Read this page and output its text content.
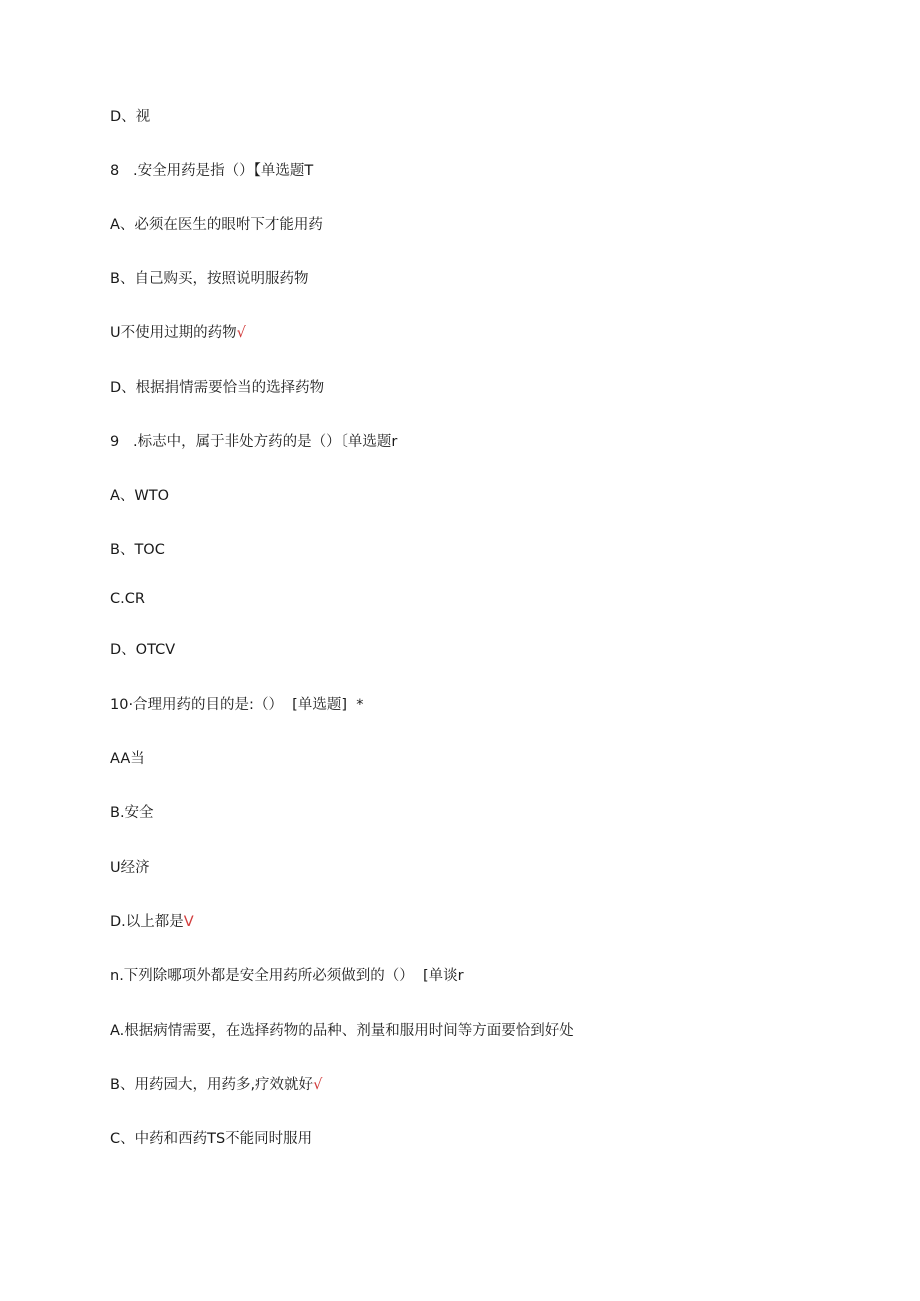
D、视
8   .安全用药是指（）【单选题T
A、必须在医生的眼咐下才能用药
B、自己购买，按照说明服药物
U不使用过期的药物√
D、根据捐情需要恰当的选择药物
9   .标志中，属于非处方药的是（）〔单选题r
A、WTO
B、TOC
C.CR
D、OTCV
10·合理用药的目的是:（）  [单选题]  *
AA当
B.安全
U经济
D.以上都是V
n.下列除哪项外都是安全用药所必须做到的（）  [单谈r
A.根据病情需要，在选择药物的品种、剂量和服用时间等方面要恰到好处
B、用药园大，用药多,疗效就好√
C、中药和西药TS不能同时服用
